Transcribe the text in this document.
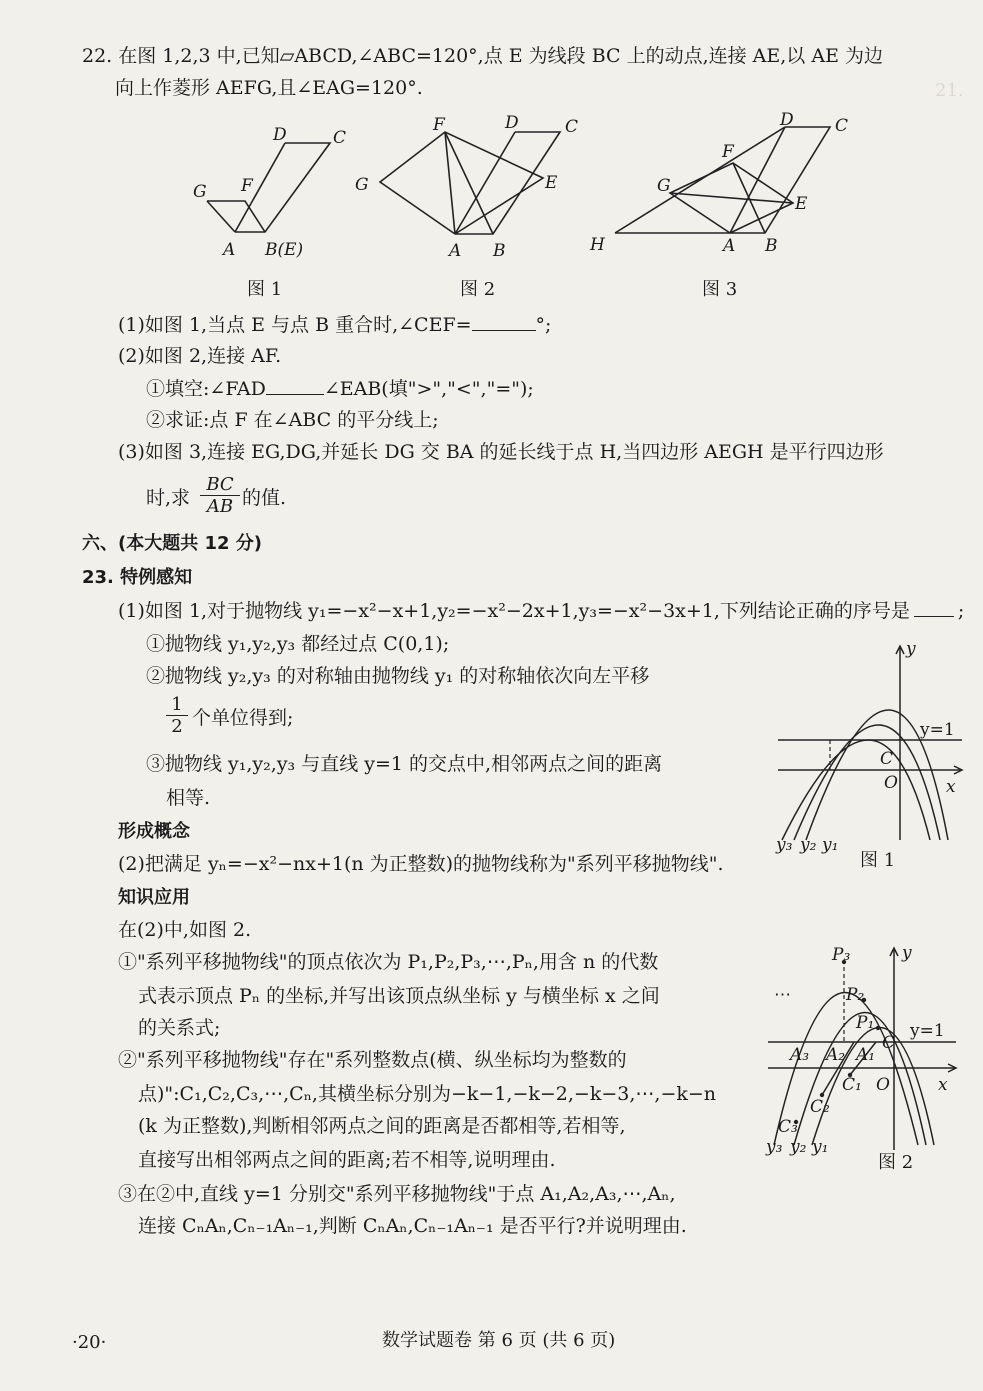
21.
22. 在图 1,2,3 中,已知▱ABCD,∠ABC=120°,点 E 为线段 BC 上的动点,连接 AE,以 AE 为边
向上作菱形 AEFG,且∠EAG=120°.
D	C
G F
A B(E)
图 1
F	D	C
G	E
A B
图 2
D C
F
G
E
H	A B
图 3
(1)如图 1,当点 E 与点 B 重合时,∠CEF=	°;
(2)如图 2,连接 AF.
①填空:∠FAD	∠EAB(填">","<","=");
②求证:点 F 在∠ABC 的平分线上;
(3)如图 3,连接 EG,DG,并延长 DG 交 BA 的延长线于点 H,当四边形 AEGH 是平行四边形
时,求 $\frac{BC}{AB}$ 的值.
六、(本大题共 12 分)
23. 特例感知
(1)如图 1,对于抛物线 y₁=−x²−x+1,y₂=−x²−2x+1,y₃=−x²−3x+1,下列结论正确的序号是	;
①抛物线 y₁,y₂,y₃ 都经过点 C(0,1);
②抛物线 y₂,y₃ 的对称轴由抛物线 y₁ 的对称轴依次向左平移
$\frac{1}{2}$ 个单位得到;
③抛物线 y₁,y₂,y₃ 与直线 y=1 的交点中,相邻两点之间的距离
相等.
形成概念
(2)把满足 yₙ=−x²−nx+1(n 为正整数)的抛物线称为"系列平移抛物线".
知识应用
在(2)中,如图 2.
①"系列平移抛物线"的顶点依次为 P₁,P₂,P₃,⋯,Pₙ,用含 n 的代数
式表示顶点 Pₙ 的坐标,并写出该顶点纵坐标 y 与横坐标 x 之间
的关系式;
②"系列平移抛物线"存在"系列整数点(横、纵坐标均为整数的
点)":C₁,C₂,C₃,⋯,Cₙ,其横坐标分别为−k−1,−k−2,−k−3,⋯,−k−n
(k 为正整数),判断相邻两点之间的距离是否都相等,若相等,
直接写出相邻两点之间的距离;若不相等,说明理由.
③在②中,直线 y=1 分别交"系列平移抛物线"于点 A₁,A₂,A₃,⋯,Aₙ,
连接 CₙAₙ,Cₙ₋₁Aₙ₋₁,判断 CₙAₙ,Cₙ₋₁Aₙ₋₁ 是否平行?并说明理由.
y
y=1
C
O	x
y₃ y₂ y₁
图 1
P₃	y
P₂
P₁ y=1
A₃ A₂ A₁
C
C₁ O	x
C₂
C₃
y₃ y₂ y₁
⋯
图 2
·20·	数学试题卷 第 6 页 (共 6 页)
